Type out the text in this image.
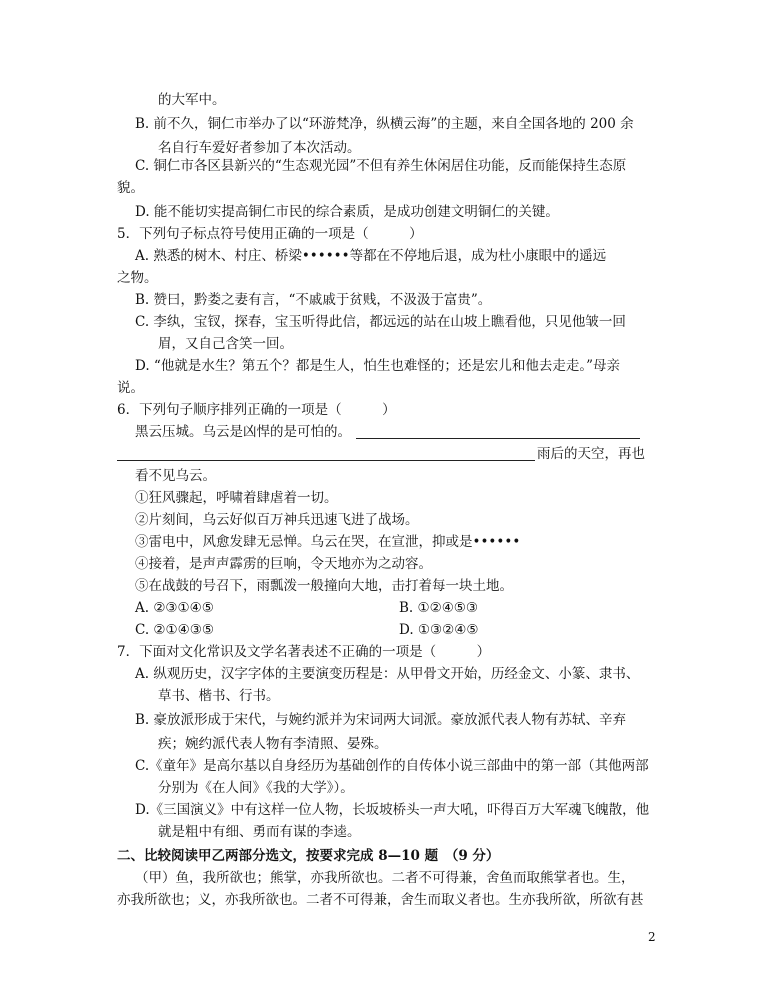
的大军中。
B. 前不久，铜仁市举办了以“环游梵净，纵横云海”的主题，来自全国各地的 200 余
名自行车爱好者参加了本次活动。
C. 铜仁市各区县新兴的“生态观光园”不但有养生休闲居住功能，反而能保持生态原
貌。
D. 能不能切实提高铜仁市民的综合素质，是成功创建文明铜仁的关键。
5．下列句子标点符号使用正确的一项是（　　　）
A. 熟悉的树木、村庄、桥梁••••••等都在不停地后退，成为杜小康眼中的遥远
之物。
B. 赞曰，黔娄之妻有言，“不戚戚于贫贱，不汲汲于富贵”。
C. 李纨，宝钗，探春，宝玉听得此信，都远远的站在山坡上瞧看他，只见他皱一回
眉，又自己含笑一回。
D. “他就是水生？第五个？都是生人，怕生也难怪的；还是宏儿和他去走走。”母亲
说。
6．下列句子顺序排列正确的一项是（　　　）
黑云压城。乌云是凶悍的是可怕的。
雨后的天空，再也
看不见乌云。
①狂风骤起，呼啸着肆虐着一切。
②片刻间，乌云好似百万神兵迅速飞进了战场。
③雷电中，风愈发肆无忌惮。乌云在哭，在宣泄，抑或是••••••
④接着，是声声霹雳的巨响，令天地亦为之动容。
⑤在战鼓的号召下，雨瓢泼一般撞向大地，击打着每一块土地。
A. ②③①④⑤	B. ①②④⑤③
C. ②①④③⑤	D. ①③②④⑤
7．下面对文化常识及文学名著表述不正确的一项是（　　　）
A. 纵观历史，汉字字体的主要演变历程是：从甲骨文开始，历经金文、小篆、隶书、
草书、楷书、行书。
B. 豪放派形成于宋代，与婉约派并为宋词两大词派。豪放派代表人物有苏轼、辛弃
疾；婉约派代表人物有李清照、晏殊。
C.《童年》是高尔基以自身经历为基础创作的自传体小说三部曲中的第一部（其他两部
分别为《在人间》《我的大学》）。
D.《三国演义》中有这样一位人物，长坂坡桥头一声大吼，吓得百万大军魂飞魄散，他
就是粗中有细、勇而有谋的李逵。
二、比较阅读甲乙两部分选文，按要求完成 8—10 题　（9 分）
（甲）鱼，我所欲也；熊掌，亦我所欲也。二者不可得兼，舍鱼而取熊掌者也。生，
亦我所欲也；义，亦我所欲也。二者不可得兼，舍生而取义者也。生亦我所欲，所欲有甚
2
